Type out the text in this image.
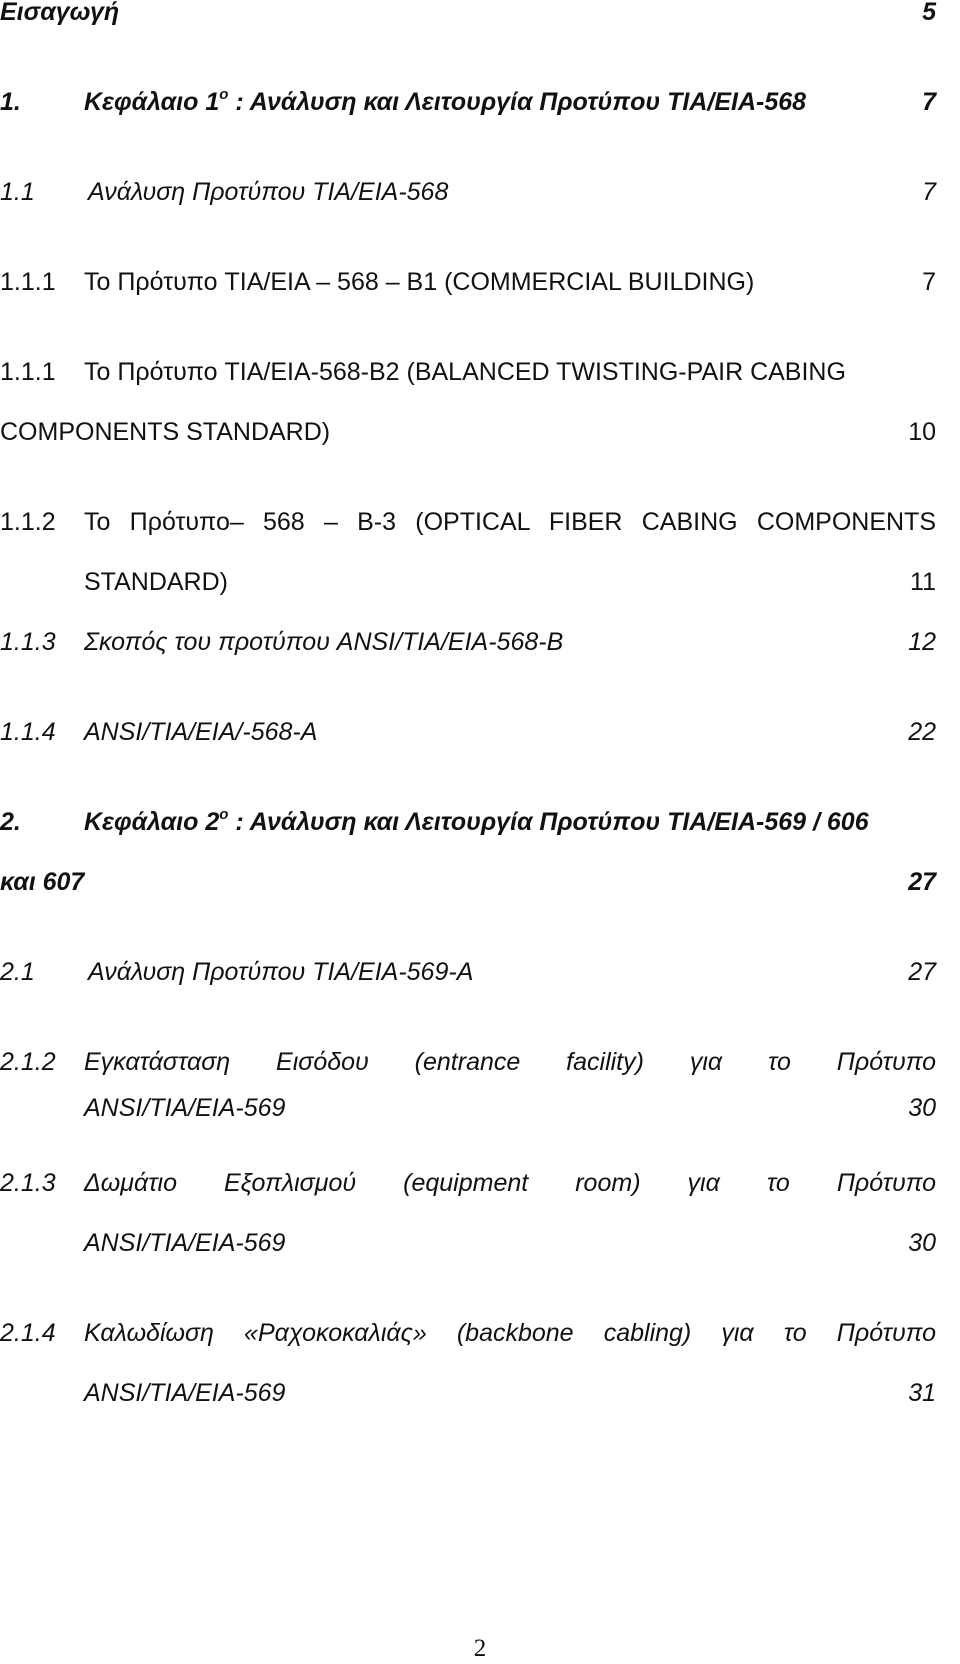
Εισαγωγή	5
1.	Κεφάλαιο $1^o$ : Ανάλυση και Λειτουργία Προτύπου TIA/EIA-568	7
1.1 Ανάλυση Προτύπου TIA/EIA-568	7
1.1.1 Το Πρότυπο TIA/EIA – 568 – B1 (COMMERCIAL BUILDING)	7
1.1.1 Το Πρότυπο TIA/EIA-568-B2 (BALANCED TWISTING-PAIR CABING
COMPONENTS STANDARD)	10
1.1.2 Το Πρότυπο– 568 – B-3 (OPTICAL FIBER CABING COMPONENTS
STANDARD)	11
1.1.3 Σκοπός του προτύπου ANSI/TIA/EIA-568-B	12
1.1.4 ANSI/TIA/EIA/-568-A	22
2.	Κεφάλαιο $2^o$ : Ανάλυση και Λειτουργία Προτύπου TIA/EIA-569 / 606
και 607	27
2.1 Ανάλυση Προτύπου TIA/EIA-569-A	27
2.1.2 Εγκατάσταση Εισόδου (entrance facility) για το Πρότυπο
ANSI/TIA/EIA-569	30
2.1.3 Δωμάτιο Εξοπλισμού (equipment room) για το Πρότυπο
ANSI/TIA/EIA-569	30
2.1.4 Καλωδίωση «Ραχοκοκαλιάς» (backbone cabling) για το Πρότυπο
ANSI/TIA/EIA-569	31
2
